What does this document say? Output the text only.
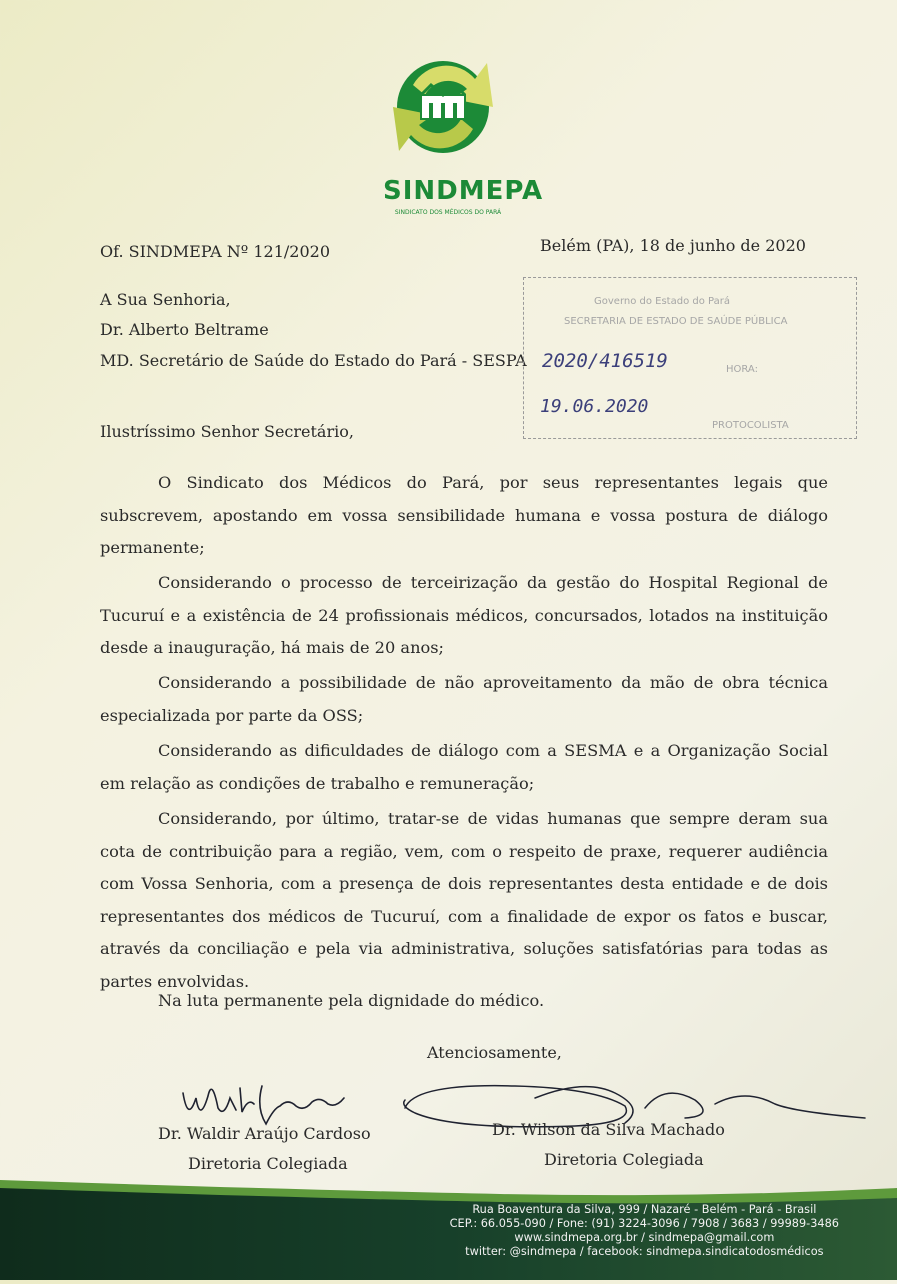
SINDMEPA
SINDICATO DOS MÉDICOS DO PARÁ
Of. SINDMEPA Nº 121/2020	Belém (PA), 18 de junho de 2020
A Sua Senhoria,
Dr. Alberto Beltrame
MD. Secretário de Saúde do Estado do Pará - SESPA
Governo do Estado do Pará
SECRETARIA DE ESTADO DE SAÚDE PÚBLICA
2020/416519	HORA:
19.06.2020
PROTOCOLISTA
Ilustríssimo Senhor Secretário,
O Sindicato dos Médicos do Pará, por seus representantes legais que subscrevem, apostando em vossa sensibilidade humana e vossa postura de diálogo permanente;
Considerando o processo de terceirização da gestão do Hospital Regional de Tucuruí e a existência de 24 profissionais médicos, concursados, lotados na instituição desde a inauguração, há mais de 20 anos;
Considerando a possibilidade de não aproveitamento da mão de obra técnica especializada por parte da OSS;
Considerando as dificuldades de diálogo com a SESMA e a Organização Social em relação as condições de trabalho e remuneração;
Considerando, por último, tratar-se de vidas humanas que sempre deram sua cota de contribuição para a região, vem, com o respeito de praxe, requerer audiência com Vossa Senhoria, com a presença de dois representantes desta entidade e de dois representantes dos médicos de Tucuruí, com a finalidade de expor os fatos e buscar, através da conciliação e pela via administrativa, soluções satisfatórias para todas as partes envolvidas.
Na luta permanente pela dignidade do médico.
Atenciosamente,
Dr. Waldir Araújo Cardoso
Diretoria Colegiada
Dr. Wilson da Silva Machado
Diretoria Colegiada
Rua Boaventura da Silva, 999 / Nazaré - Belém - Pará - Brasil
CEP.: 66.055-090 / Fone: (91) 3224-3096 / 7908 / 3683 / 99989-3486
www.sindmepa.org.br / sindmepa@gmail.com
twitter: @sindmepa / facebook: sindmepa.sindicatodosmédicos
